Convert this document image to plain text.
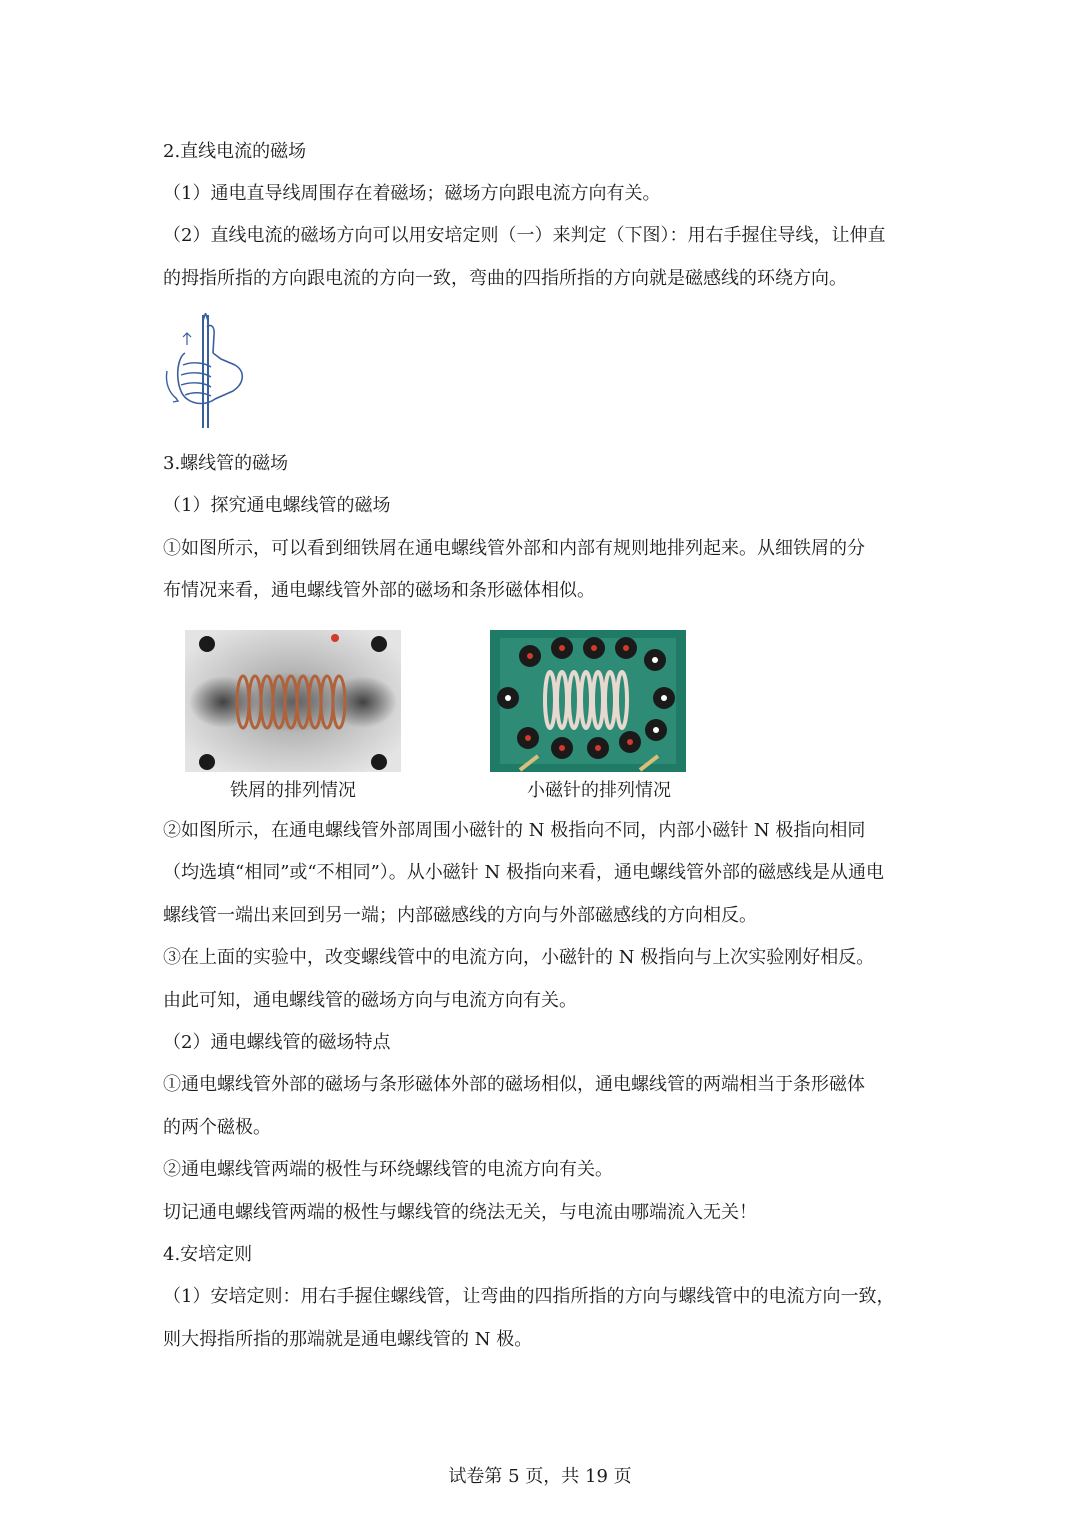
2.直线电流的磁场
（1）通电直导线周围存在着磁场；磁场方向跟电流方向有关。
（2）直线电流的磁场方向可以用安培定则（一）来判定（下图）：用右手握住导线，让伸直
的拇指所指的方向跟电流的方向一致，弯曲的四指所指的方向就是磁感线的环绕方向。
3.螺线管的磁场
（1）探究通电螺线管的磁场
①如图所示，可以看到细铁屑在通电螺线管外部和内部有规则地排列起来。从细铁屑的分
布情况来看，通电螺线管外部的磁场和条形磁体相似。
铁屑的排列情况	小磁针的排列情况
②如图所示，在通电螺线管外部周围小磁针的 N 极指向不同，内部小磁针 N 极指向相同
（均选填“相同”或“不相同”）。从小磁针 N 极指向来看，通电螺线管外部的磁感线是从通电
螺线管一端出来回到另一端；内部磁感线的方向与外部磁感线的方向相反。
③在上面的实验中，改变螺线管中的电流方向，小磁针的 N 极指向与上次实验刚好相反。
由此可知，通电螺线管的磁场方向与电流方向有关。
（2）通电螺线管的磁场特点
①通电螺线管外部的磁场与条形磁体外部的磁场相似，通电螺线管的两端相当于条形磁体
的两个磁极。
②通电螺线管两端的极性与环绕螺线管的电流方向有关。
切记通电螺线管两端的极性与螺线管的绕法无关，与电流由哪端流入无关！
4.安培定则
（1）安培定则：用右手握住螺线管，让弯曲的四指所指的方向与螺线管中的电流方向一致，
则大拇指所指的那端就是通电螺线管的 N 极。
试卷第 5 页，共 19 页
